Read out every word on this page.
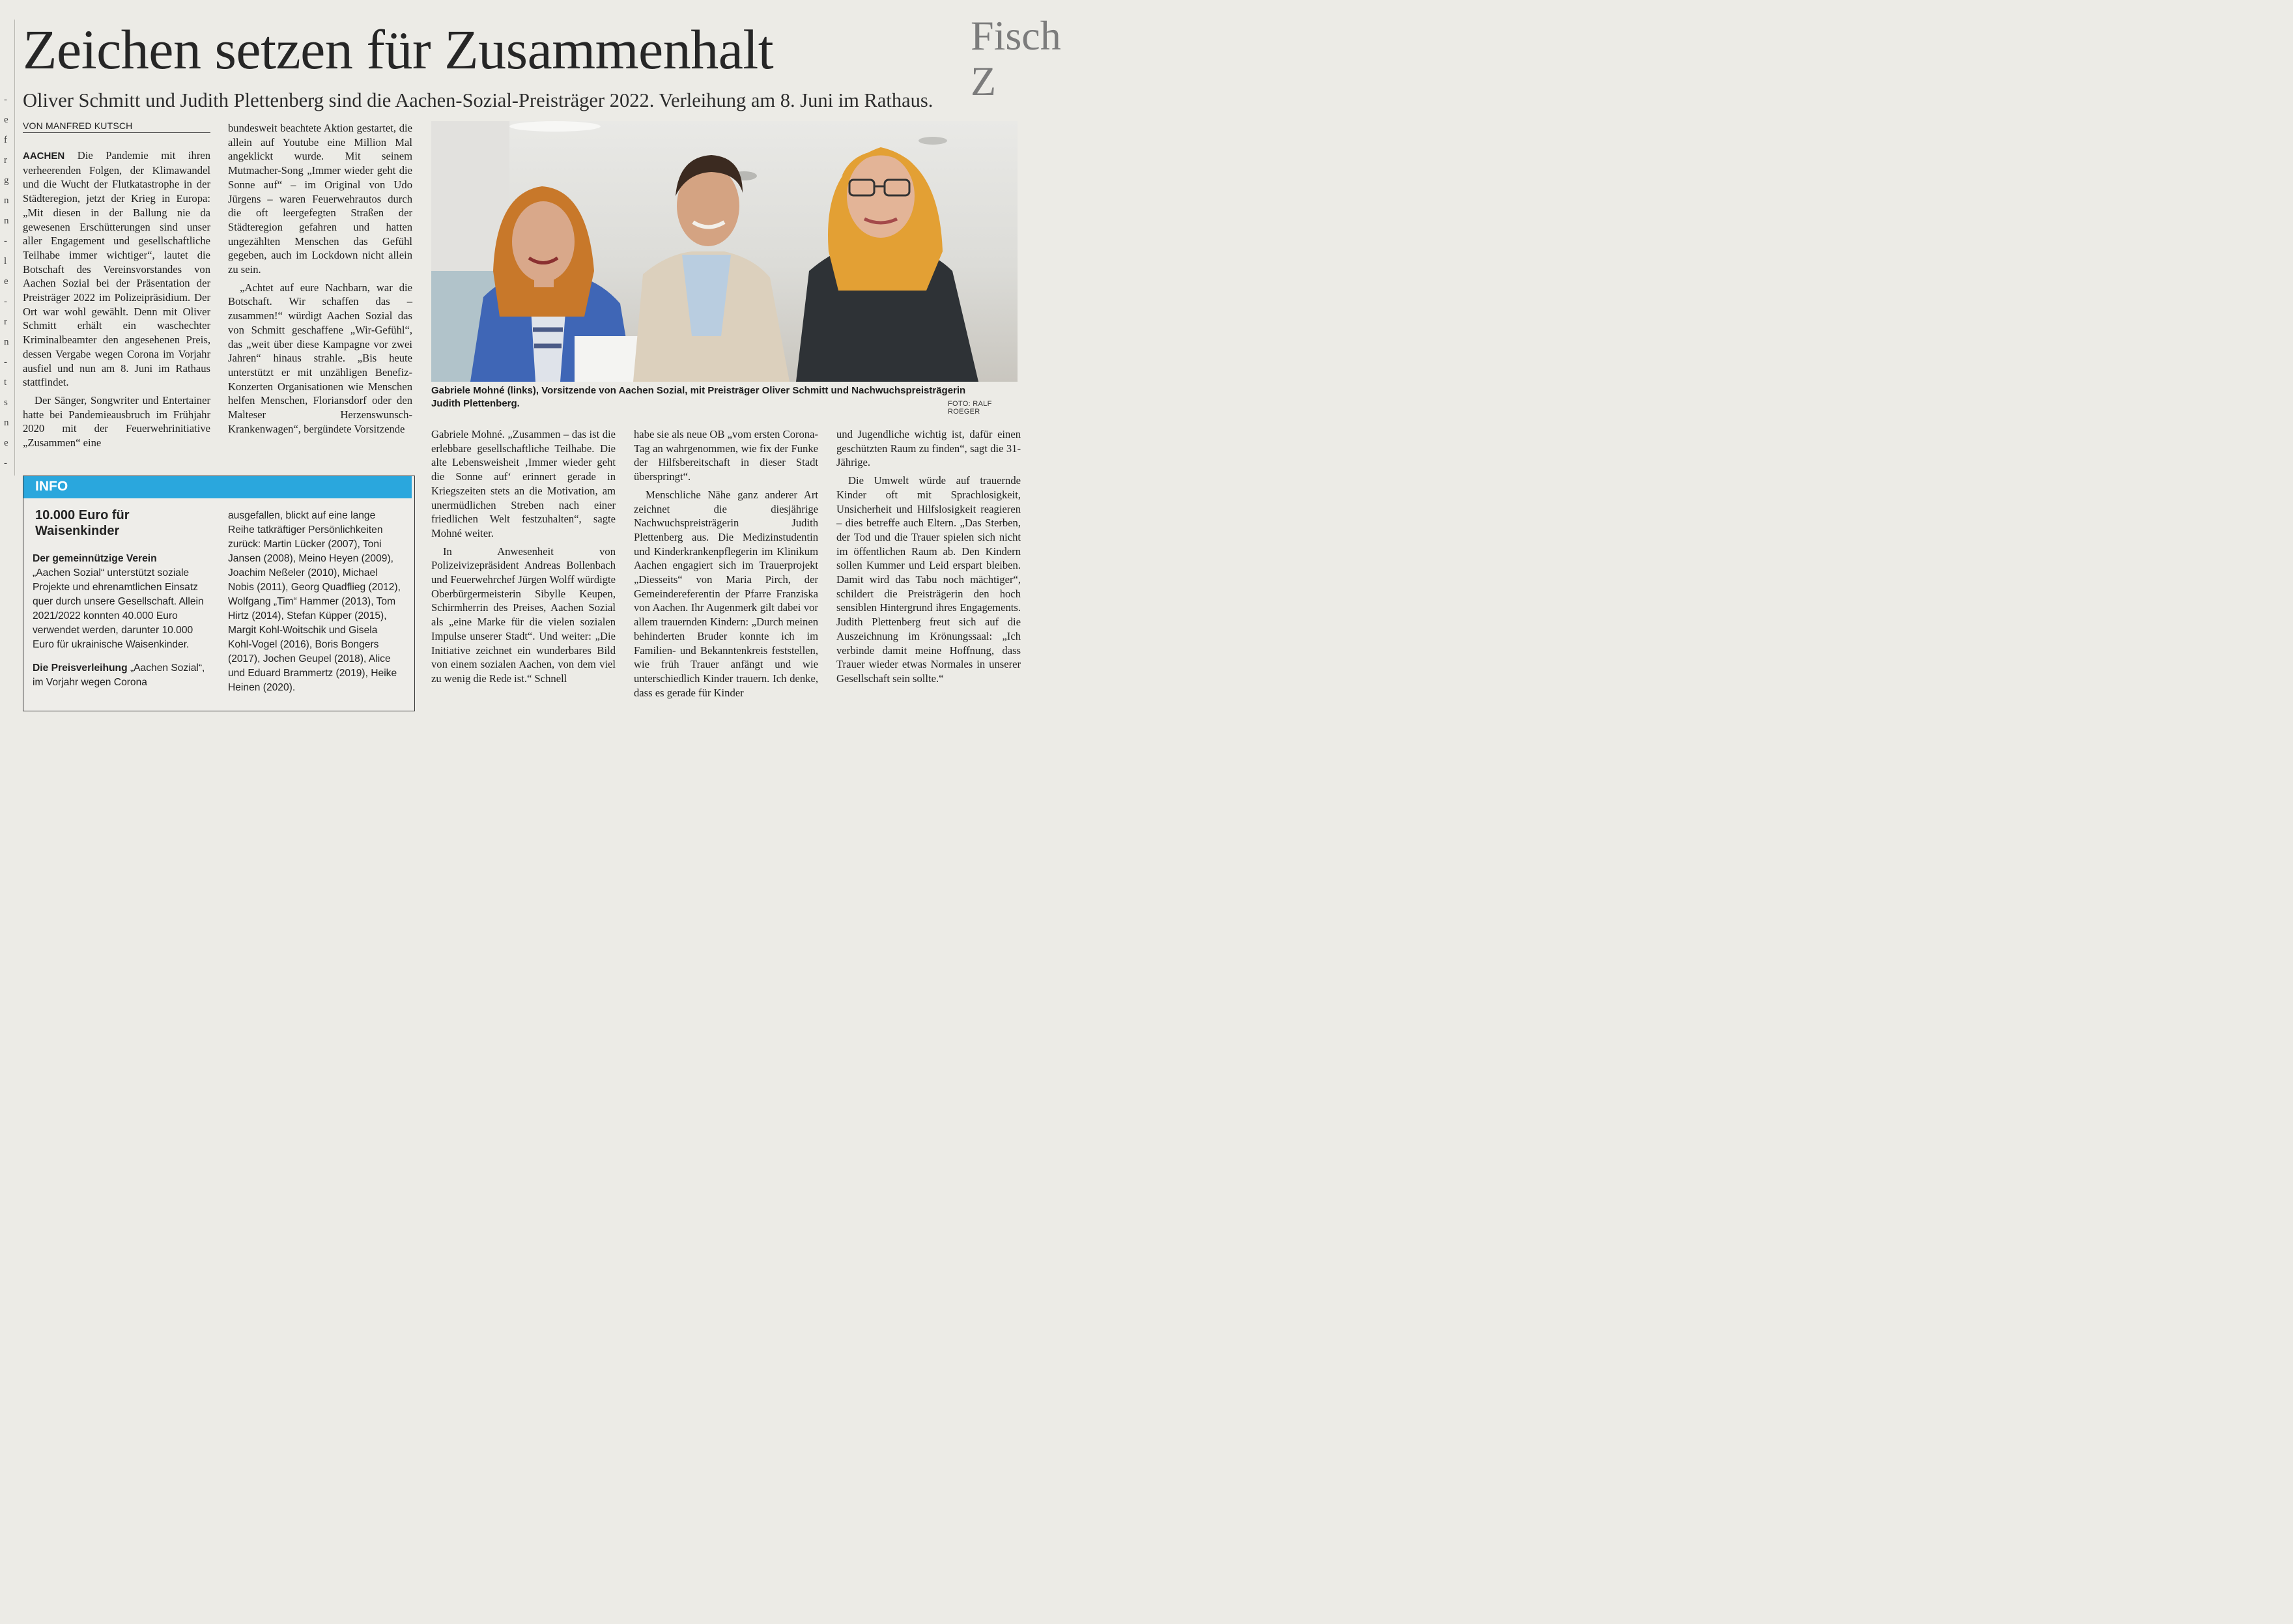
-
e
f
r
g
n
n
-
l
e
-
r
n
-
t
s
n
e
-
Fisch Z
Zeichen setzen für Zusammenhalt
Oliver Schmitt und Judith Plettenberg sind die Aachen-Sozial-Preisträger 2022. Verleihung am 8. Juni im Rathaus.
VON MANFRED KUTSCH

AACHEN Die Pandemie mit ihren verheerenden Folgen, der Klimawandel und die Wucht der Flutkatastrophe in der Städteregion, jetzt der Krieg in Europa: „Mit diesen in der Ballung nie da gewesenen Erschütterungen sind unser aller Engagement und gesellschaftliche Teilhabe immer wichtiger“, lautet die Botschaft des Vereinsvorstandes von Aachen Sozial bei der Präsentation der Preisträger 2022 im Polizeipräsidium. Der Ort war wohl gewählt. Denn mit Oliver Schmitt erhält ein waschechter Kriminalbeamter den angesehenen Preis, dessen Vergabe wegen Corona im Vorjahr ausfiel und nun am 8. Juni im Rathaus stattfindet.

Der Sänger, Songwriter und Entertainer hatte bei Pandemieausbruch im Frühjahr 2020 mit der Feuerwehrinitiative „Zusammen“ eine

bundesweit beachtete Aktion gestartet, die allein auf Youtube eine Million Mal angeklickt wurde. Mit seinem Mutmacher-Song „Immer wieder geht die Sonne auf“ – im Original von Udo Jürgens – waren Feuerwehrautos durch die oft leergefegten Straßen der Städteregion gefahren und hatten ungezählten Menschen das Gefühl gegeben, auch im Lockdown nicht allein zu sein.

„Achtet auf eure Nachbarn, war die Botschaft. Wir schaffen das – zusammen!“ würdigt Aachen Sozial das von Schmitt geschaffene „Wir-Gefühl“, das „weit über diese Kampagne vor zwei Jahren“ hinaus strahle. „Bis heute unterstützt er mit unzähligen Benefiz-Konzerten Organisationen wie Menschen helfen Menschen, Floriansdorf oder den Malteser Herzenswunsch-Krankenwagen“, bergündete Vorsitzende

Gabriele Mohné (links), Vorsitzende von Aachen Sozial, mit Preisträger Oliver Schmitt und Nachwuchspreisträgerin Judith Plettenberg.	FOTO: RALF ROEGER

Gabriele Mohné. „Zusammen – das ist die erlebbare gesellschaftliche Teilhabe. Die alte Lebensweisheit ‚Immer wieder geht die Sonne auf‘ erinnert gerade in Kriegszeiten stets an die Motivation, am unermüdlichen Streben nach einer friedlichen Welt festzuhalten“, sagte Mohné weiter.

In Anwesenheit von Polizeivizepräsident Andreas Bollenbach und Feuerwehrchef Jürgen Wolff würdigte Oberbürgermeisterin Sibylle Keupen, Schirmherrin des Preises, Aachen Sozial als „eine Marke für die vielen sozialen Impulse unserer Stadt“. Und weiter: „Die Initiative zeichnet ein wunderbares Bild von einem sozialen Aachen, von dem viel zu wenig die Rede ist.“ Schnell

habe sie als neue OB „vom ersten Corona-Tag an wahrgenommen, wie fix der Funke der Hilfsbereitschaft in dieser Stadt überspringt“.

Menschliche Nähe ganz anderer Art zeichnet die diesjährige Nachwuchspreisträgerin Judith Plettenberg aus. Die Medizinstudentin und Kinderkrankenpflegerin im Klinikum Aachen engagiert sich im Trauerprojekt „Diesseits“ von Maria Pirch, der Gemeindereferentin der Pfarre Franziska von Aachen. Ihr Augenmerk gilt dabei vor allem trauernden Kindern: „Durch meinen behinderten Bruder konnte ich im Familien- und Bekanntenkreis feststellen, wie früh Trauer anfängt und wie unterschiedlich Kinder trauern. Ich denke, dass es gerade für Kinder

und Jugendliche wichtig ist, dafür einen geschützten Raum zu finden“, sagt die 31-Jährige.

Die Umwelt würde auf trauernde Kinder oft mit Sprachlosigkeit, Unsicherheit und Hilfslosigkeit reagieren – dies betreffe auch Eltern. „Das Sterben, der Tod und die Trauer spielen sich nicht im öffentlichen Raum ab. Den Kindern sollen Kummer und Leid erspart bleiben. Damit wird das Tabu noch mächtiger“, schildert die Preisträgerin den hoch sensiblen Hintergrund ihres Engagements. Judith Plettenberg freut sich auf die Auszeichnung im Krönungssaal: „Ich verbinde damit meine Hoffnung, dass Trauer wieder etwas Normales in unserer Gesellschaft sein sollte.“

INFO
10.000 Euro für Waisenkinder

Der gemeinnützige Verein
„Aachen Sozial“ unterstützt soziale Projekte und ehrenamtlichen Einsatz quer durch unsere Gesellschaft. Allein 2021/2022 konnten 40.000 Euro verwendet werden, darunter 10.000 Euro für ukrainische Waisenkinder.

Die Preisverleihung „Aachen Sozial“, im Vorjahr wegen Corona

ausgefallen, blickt auf eine lange Reihe tatkräftiger Persönlichkeiten zurück: Martin Lücker (2007), Toni Jansen (2008), Meino Heyen (2009), Joachim Neßeler (2010), Michael Nobis (2011), Georg Quadflieg (2012), Wolfgang „Tim“ Hammer (2013), Tom Hirtz (2014), Stefan Küpper (2015), Margit Kohl-Woitschik und Gisela Kohl-Vogel (2016), Boris Bongers (2017), Jochen Geupel (2018), Alice und Eduard Brammertz (2019), Heike Heinen (2020).
